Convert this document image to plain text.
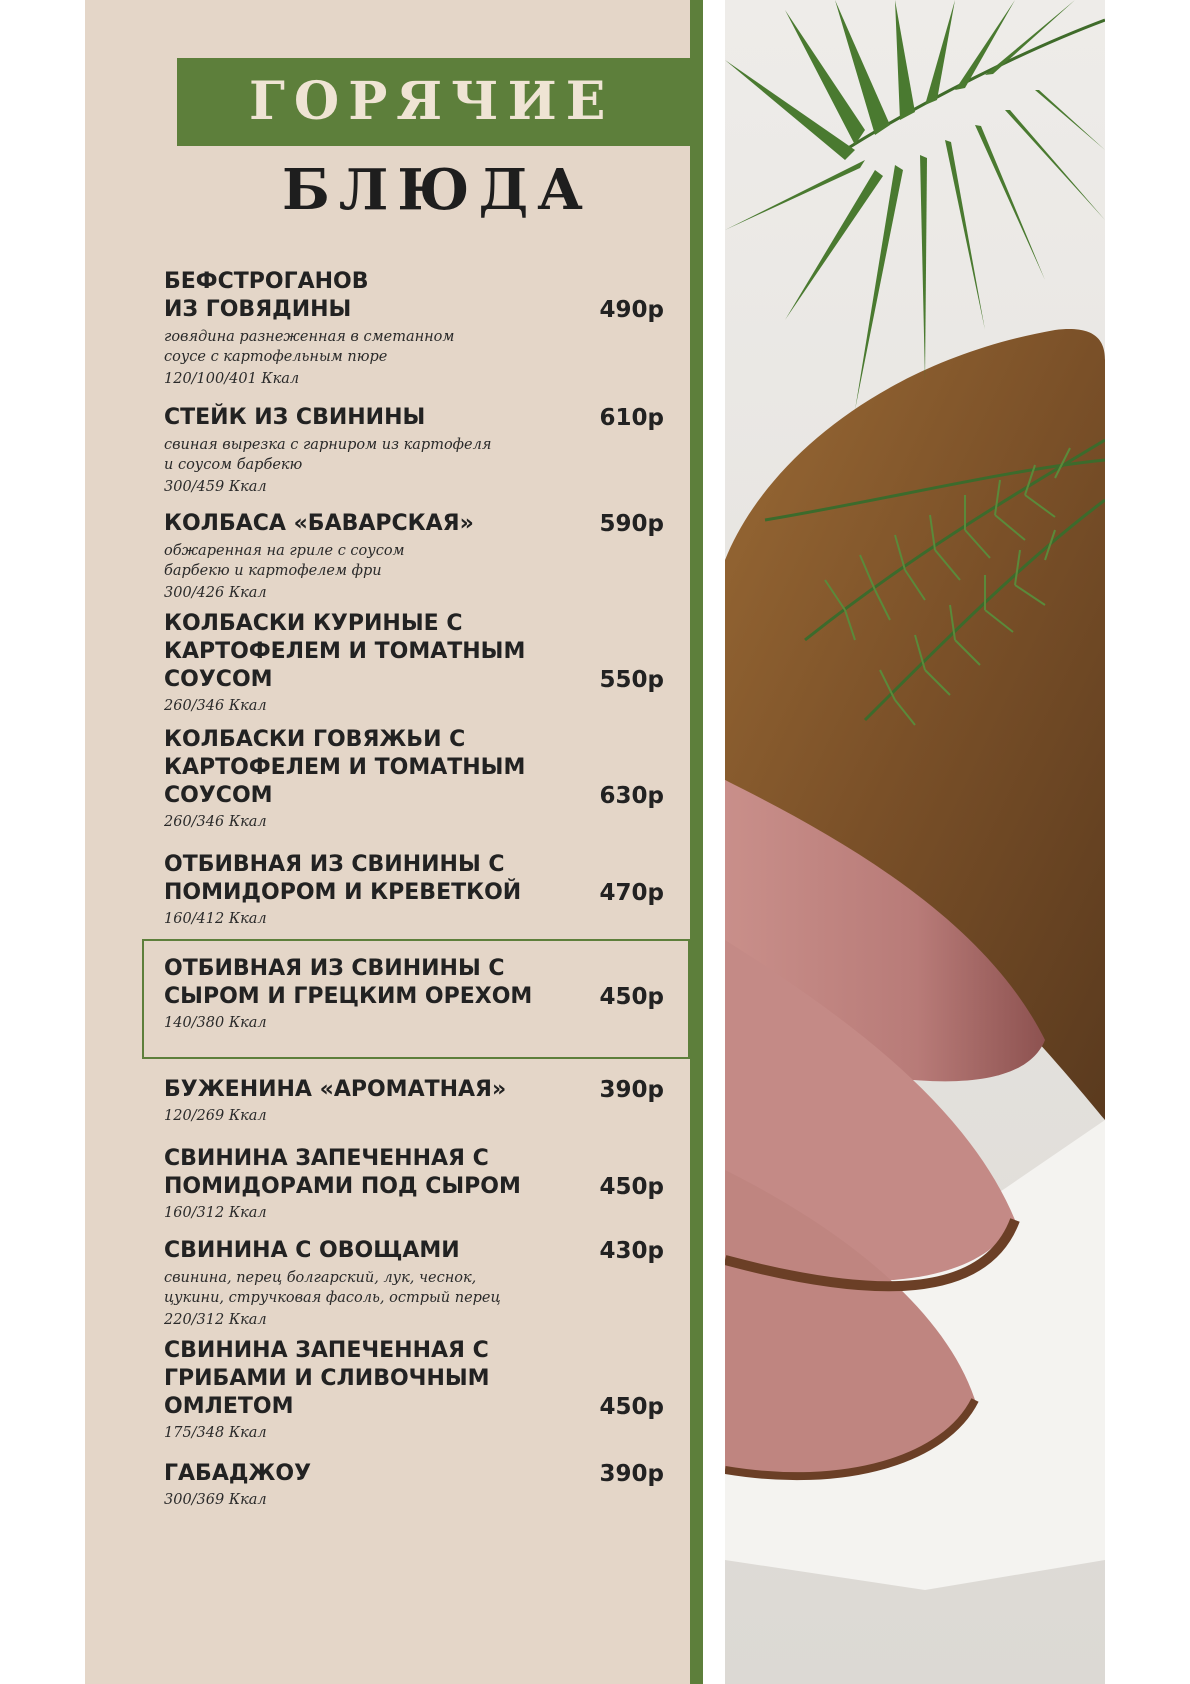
ГОРЯЧИЕ
БЛЮДА
БЕФСТРОГАНОВ
ИЗ ГОВЯДИНЫ	490р
говядина разнеженная в сметанном
соусе с картофельным пюре
120/100/401 Ккал
СТЕЙК ИЗ СВИНИНЫ	610р
свиная вырезка с гарниром из картофеля
и соусом барбекю
300/459 Ккал
КОЛБАСА «БАВАРСКАЯ»	590р
обжаренная на гриле с соусом
барбекю и картофелем фри
300/426 Ккал
КОЛБАСКИ КУРИНЫЕ С
КАРТОФЕЛЕМ И ТОМАТНЫМ
СОУСОМ	550р
260/346 Ккал
КОЛБАСКИ ГОВЯЖЬИ С
КАРТОФЕЛЕМ И ТОМАТНЫМ
СОУСОМ	630р
260/346 Ккал
ОТБИВНАЯ ИЗ СВИНИНЫ С
ПОМИДОРОМ И КРЕВЕТКОЙ	470р
160/412 Ккал
ОТБИВНАЯ ИЗ СВИНИНЫ С
СЫРОМ И ГРЕЦКИМ ОРЕХОМ	450р
140/380 Ккал
БУЖЕНИНА «АРОМАТНАЯ»	390р
120/269 Ккал
СВИНИНА ЗАПЕЧЕННАЯ С
ПОМИДОРАМИ ПОД СЫРОМ	450р
160/312 Ккал
СВИНИНА С ОВОЩАМИ	430р
свинина, перец болгарский, лук, чеснок,
цукини, стручковая фасоль, острый перец
220/312 Ккал
СВИНИНА ЗАПЕЧЕННАЯ С
ГРИБАМИ И СЛИВОЧНЫМ
ОМЛЕТОМ	450р
175/348 Ккал
ГАБАДЖОУ	390р
300/369 Ккал
